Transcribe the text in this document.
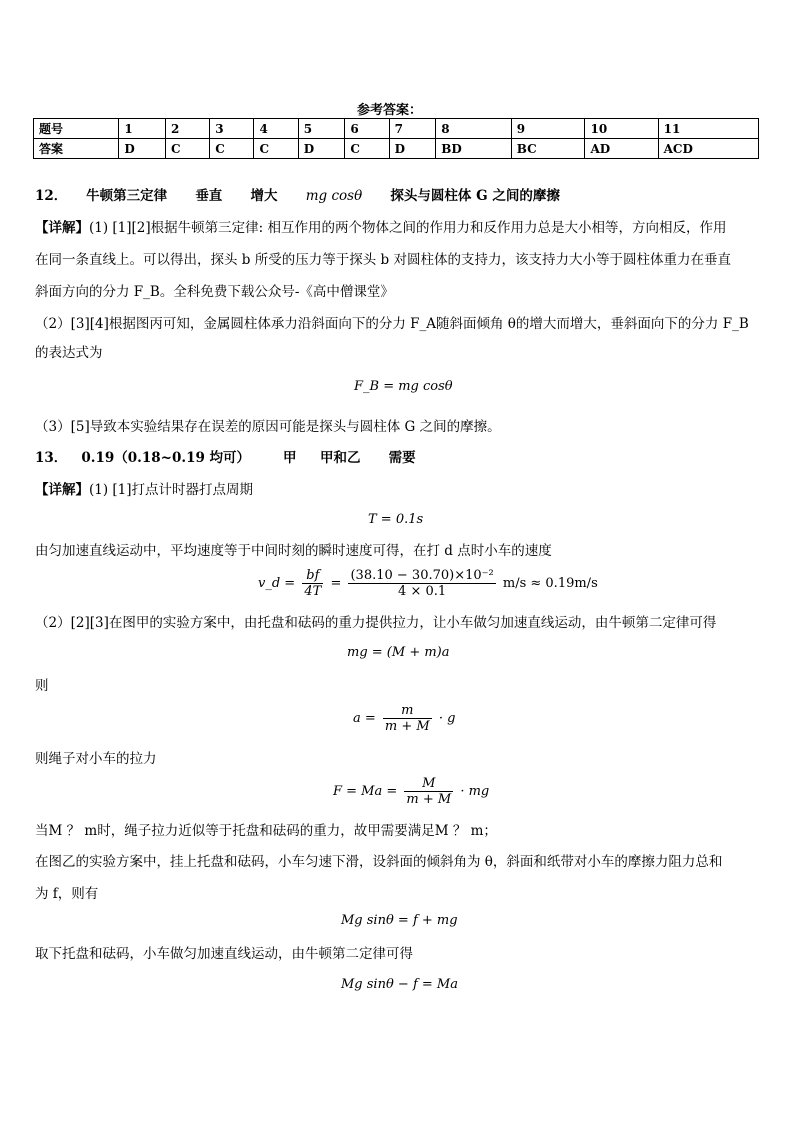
参考答案：
题号	1	2	3	4	5	6	7	8	9	10	11
答案	D	C	C	C	D	C	D	BD	BC	AD	ACD
12． 牛顿第三定律 垂直 增大 mg cosθ 探头与圆柱体 G 之间的摩擦
【详解】(1) [1][2]根据牛顿第三定律: 相互作用的两个物体之间的作用力和反作用力总是大小相等，方向相反，作用
在同一条直线上。可以得出，探头 b 所受的压力等于探头 b 对圆柱体的支持力，该支持力大小等于圆柱体重力在垂直
斜面方向的分力 F_B。全科免费下载公众号-《高中僧课堂》
（2）[3][4]根据图丙可知，金属圆柱体承力沿斜面向下的分力 F_A随斜面倾角 θ的增大而增大，垂斜面向下的分力 F_B
的表达式为
F_B = mg cosθ
（3）[5]导致本实验结果存在误差的原因可能是探头与圆柱体 G 之间的摩擦。
13． 0.19（0.18~0.19 均可） 甲 甲和乙 需要
【详解】(1) [1]打点计时器打点周期
T = 0.1s
由匀加速直线运动中，平均速度等于中间时刻的瞬时速度可得，在打 d 点时小车的速度
v_d = $\frac{bf}{4T} = \frac{\text{(38.10 − 30.70)×10⁻²}}{4 \times 0.1} m/s \approx 0.19m/s$
（2）[2][3]在图甲的实验方案中，由托盘和砝码的重力提供拉力，让小车做匀加速直线运动，由牛顿第二定律可得
mg = (M + m)a
则
$a = \frac{m}{m + M} \cdot g$
则绳子对小车的拉力
$F = Ma = \frac{M}{m + M}$ · mg
当M ？ m时，绳子拉力近似等于托盘和砝码的重力，故甲需要满足M ？ m；
在图乙的实验方案中，挂上托盘和砝码，小车匀速下滑，设斜面的倾斜角为 θ，斜面和纸带对小车的摩擦力阻力总和
为 f，则有
Mg sinθ = f + mg
取下托盘和砝码，小车做匀加速直线运动，由牛顿第二定律可得
Mg sinθ − f = Ma
